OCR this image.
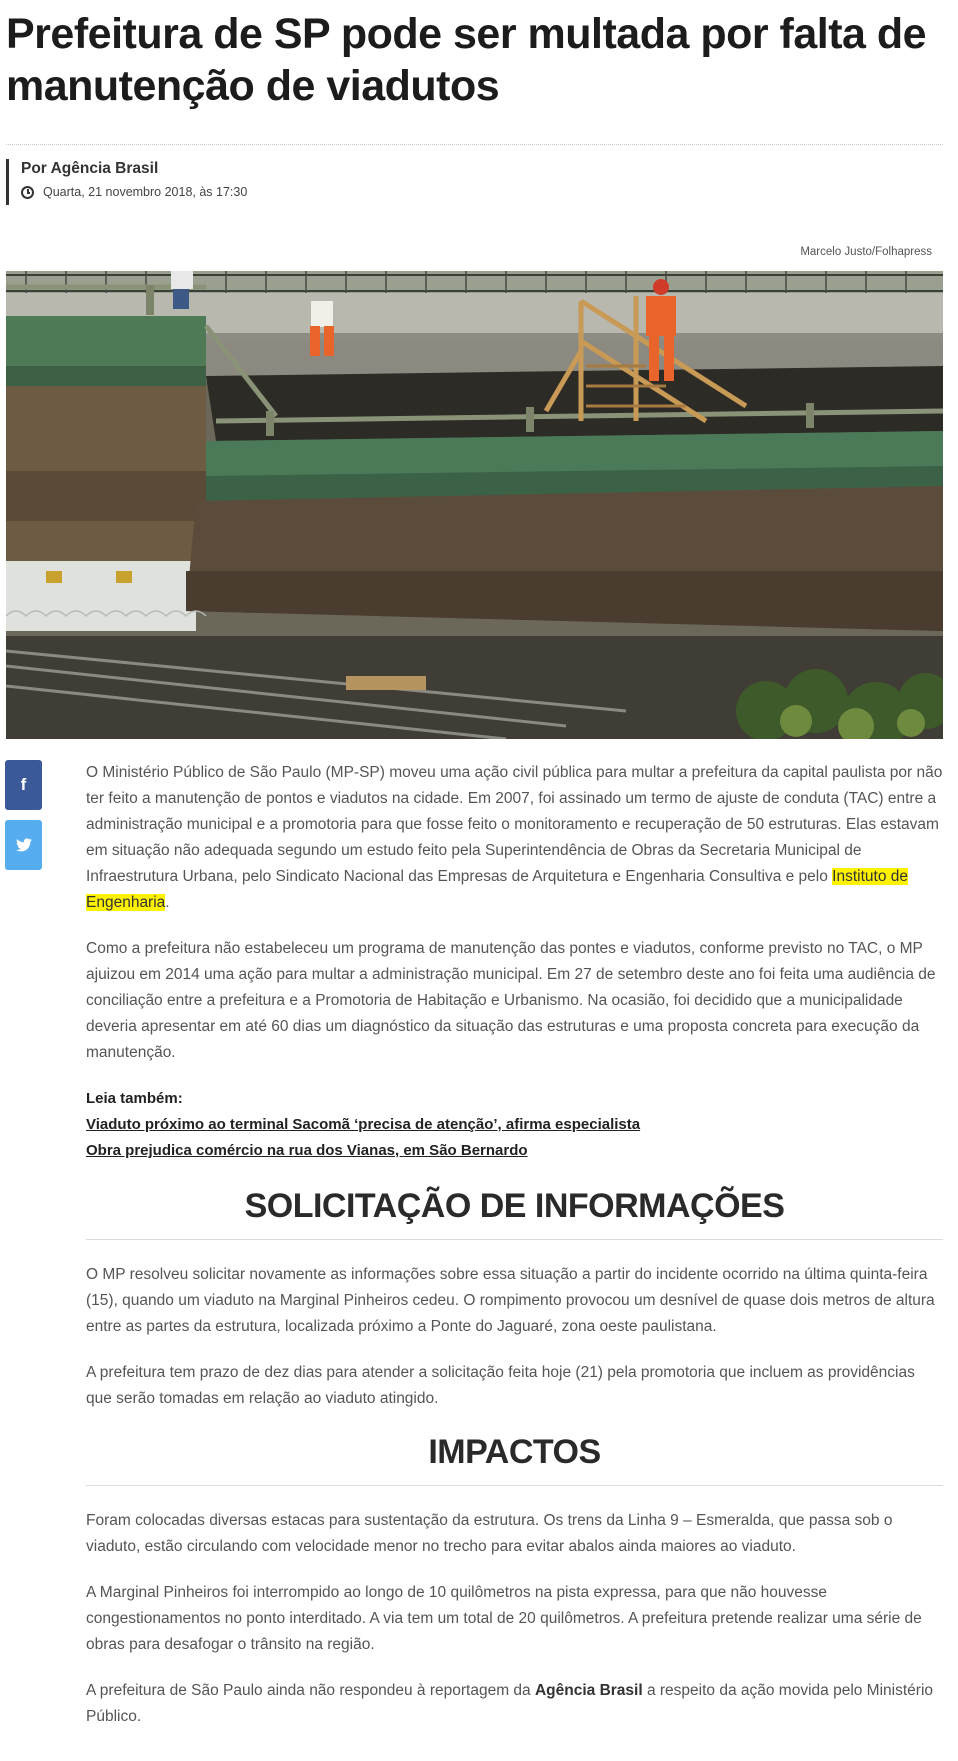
Prefeitura de SP pode ser multada por falta de manutenção de viadutos
Por Agência Brasil
Quarta, 21 novembro 2018, às 17:30
Marcelo Justo/Folhapress
f

O Ministério Público de São Paulo (MP-SP) moveu uma ação civil pública para multar a prefeitura da capital paulista por não ter feito a manutenção de pontos e viadutos na cidade. Em 2007, foi assinado um termo de ajuste de conduta (TAC) entre a administração municipal e a promotoria para que fosse feito o monitoramento e recuperação de 50 estruturas. Elas estavam em situação não adequada segundo um estudo feito pela Superintendência de Obras da Secretaria Municipal de Infraestrutura Urbana, pelo Sindicato Nacional das Empresas de Arquitetura e Engenharia Consultiva e pelo Instituto de Engenharia.

Como a prefeitura não estabeleceu um programa de manutenção das pontes e viadutos, conforme previsto no TAC, o MP ajuizou em 2014 uma ação para multar a administração municipal. Em 27 de setembro deste ano foi feita uma audiência de conciliação entre a prefeitura e a Promotoria de Habitação e Urbanismo. Na ocasião, foi decidido que a municipalidade deveria apresentar em até 60 dias um diagnóstico da situação das estruturas e uma proposta concreta para execução da manutenção.

Leia também:
Viaduto próximo ao terminal Sacomã ‘precisa de atenção’, afirma especialista
Obra prejudica comércio na rua dos Vianas, em São Bernardo
SOLICITAÇÃO DE INFORMAÇÕES

O MP resolveu solicitar novamente as informações sobre essa situação a partir do incidente ocorrido na última quinta-feira (15), quando um viaduto na Marginal Pinheiros cedeu. O rompimento provocou um desnível de quase dois metros de altura entre as partes da estrutura, localizada próximo a Ponte do Jaguaré, zona oeste paulistana.

A prefeitura tem prazo de dez dias para atender a solicitação feita hoje (21) pela promotoria que incluem as providências que serão tomadas em relação ao viaduto atingido.

IMPACTOS

Foram colocadas diversas estacas para sustentação da estrutura. Os trens da Linha 9 – Esmeralda, que passa sob o viaduto, estão circulando com velocidade menor no trecho para evitar abalos ainda maiores ao viaduto.

A Marginal Pinheiros foi interrompido ao longo de 10 quilômetros na pista expressa, para que não houvesse congestionamentos no ponto interditado. A via tem um total de 20 quilômetros. A prefeitura pretende realizar uma série de obras para desafogar o trânsito na região.

A prefeitura de São Paulo ainda não respondeu à reportagem da Agência Brasil a respeito da ação movida pelo Ministério Público.
